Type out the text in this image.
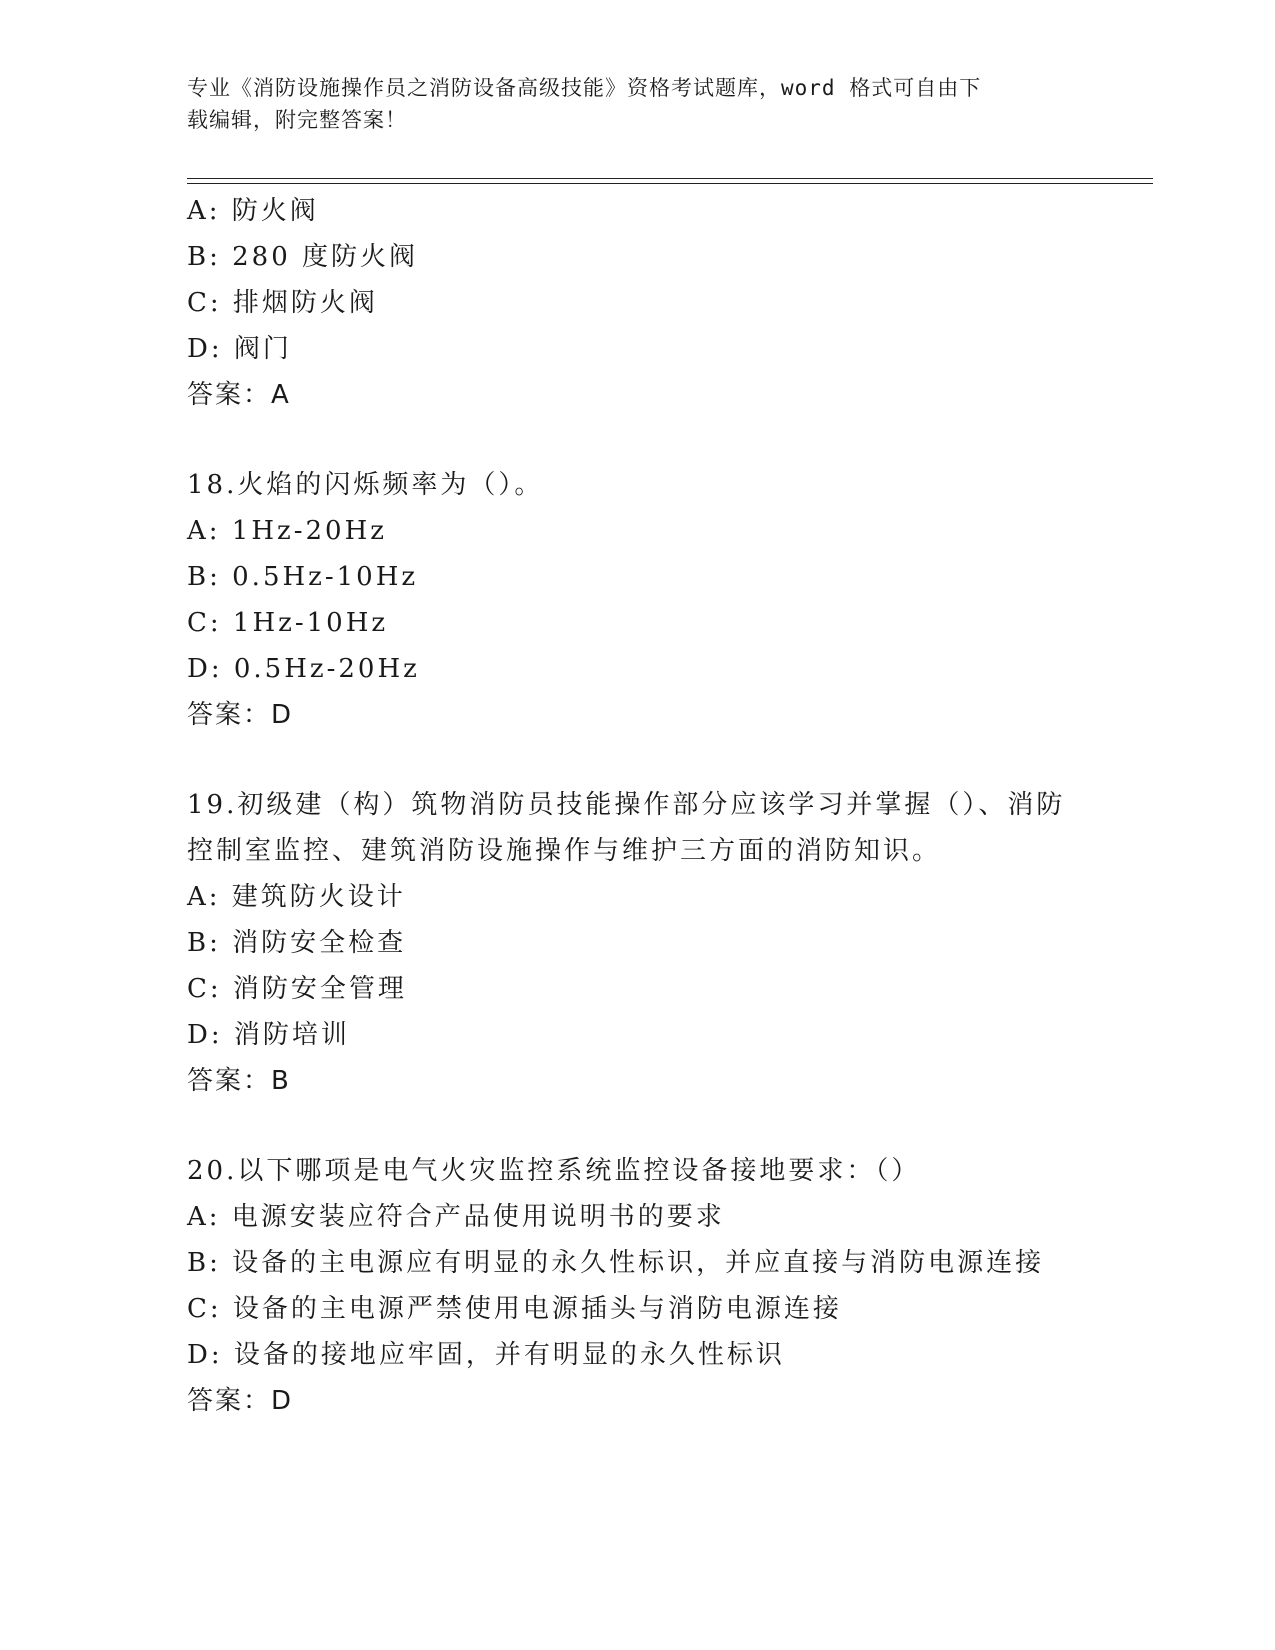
专业《消防设施操作员之消防设备高级技能》资格考试题库，word 格式可自由下
载编辑，附完整答案！
A: 防火阀
B: 280 度防火阀
C: 排烟防火阀
D: 阀门
答案：A
18.火焰的闪烁频率为（）。
A: 1Hz-20Hz
B: 0.5Hz-10Hz
C: 1Hz-10Hz
D: 0.5Hz-20Hz
答案：D
19.初级建（构）筑物消防员技能操作部分应该学习并掌握（）、消防
控制室监控、建筑消防设施操作与维护三方面的消防知识。
A: 建筑防火设计
B: 消防安全检查
C: 消防安全管理
D: 消防培训
答案：B
20.以下哪项是电气火灾监控系统监控设备接地要求：（）
A: 电源安装应符合产品使用说明书的要求
B: 设备的主电源应有明显的永久性标识，并应直接与消防电源连接
C: 设备的主电源严禁使用电源插头与消防电源连接
D: 设备的接地应牢固，并有明显的永久性标识
答案：D
